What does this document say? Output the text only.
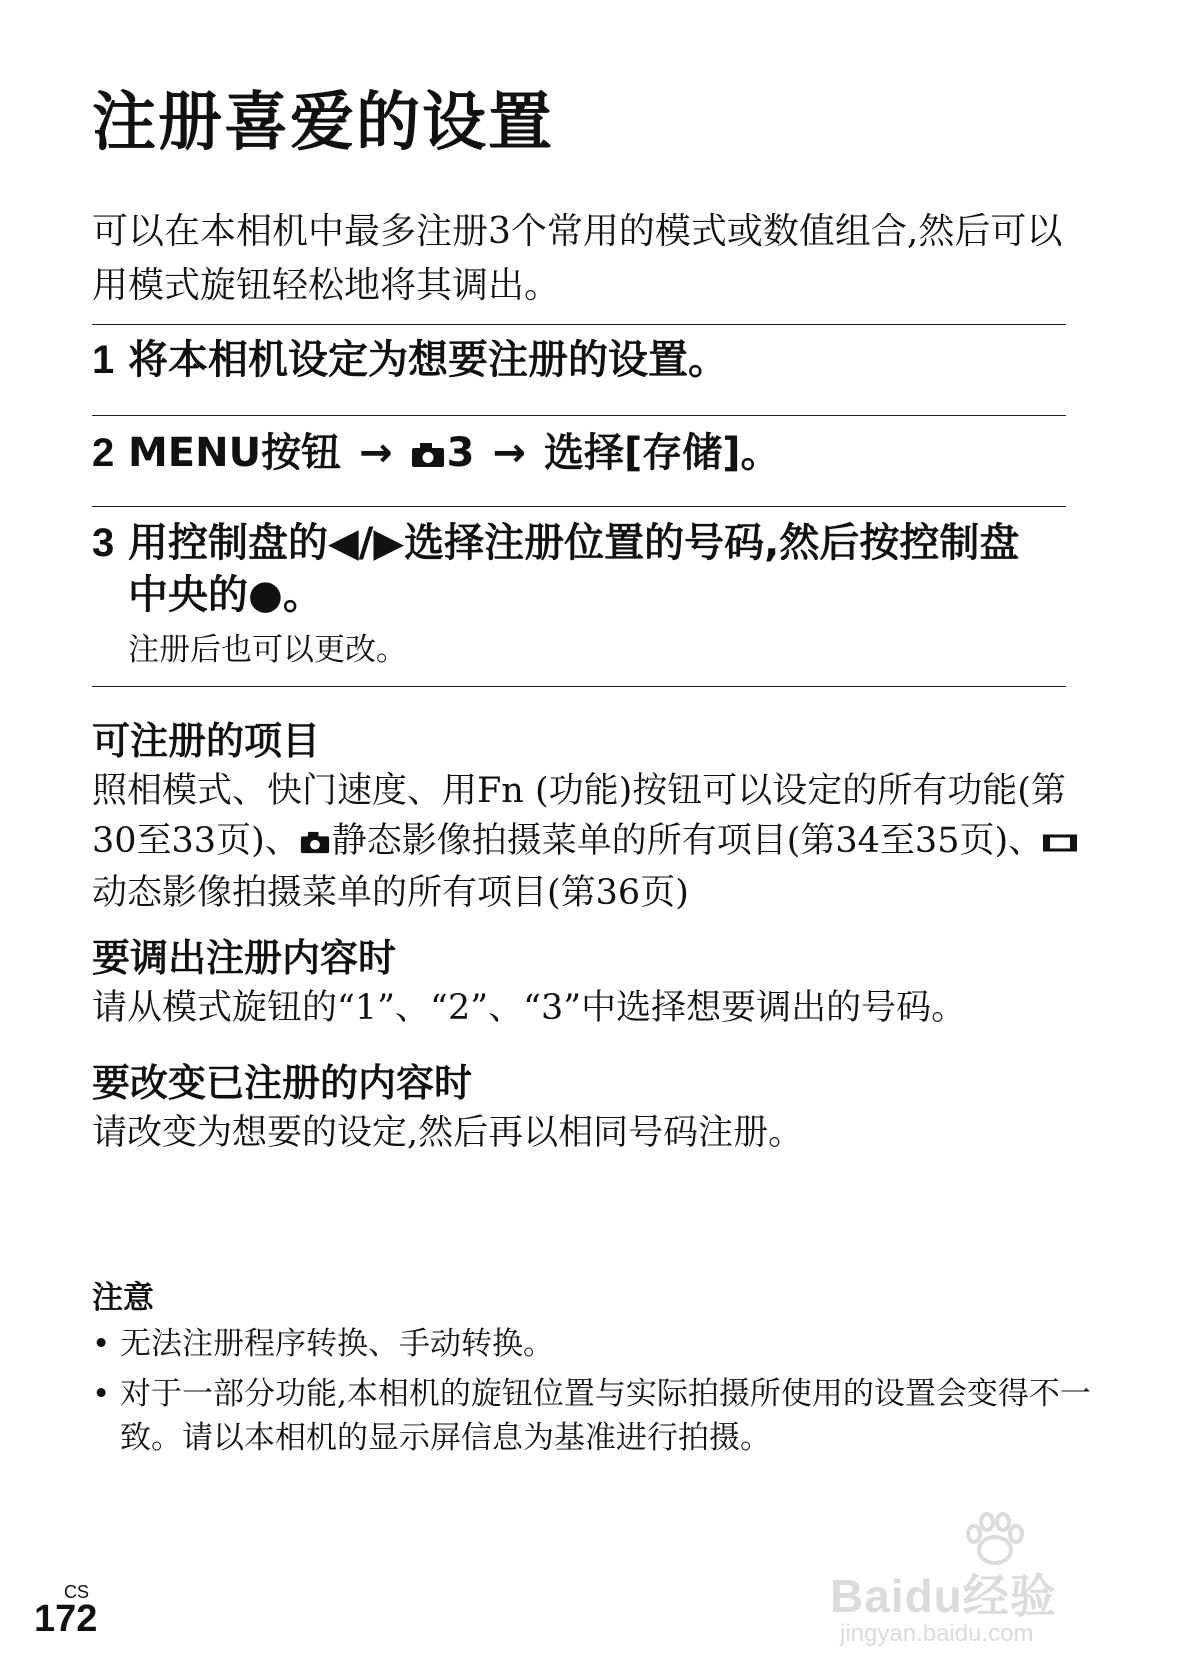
注册喜爱的设置

可以在本相机中最多注册3个常用的模式或数值组合,然后可以用模式旋钮轻松地将其调出。

1 将本相机设定为想要注册的设置。
2 MENU按钮 → 3 → 选择[存储]。
3 用控制盘的◀/▶选择注册位置的号码,然后按控制盘中央的●。
注册后也可以更改。
可注册的项目

照相模式、快门速度、用Fn (功能)按钮可以设定的所有功能(第30至33页)、 静态影像拍摄菜单的所有项目(第34至35页)、动态影像拍摄菜单的所有项目(第36页)

要调出注册内容时

请从模式旋钮的“1”、“2”、“3”中选择想要调出的号码。

要改变已注册的内容时

请改变为想要的设定,然后再以相同号码注册。

注意
• 无法注册程序转换、手动转换。
• 对于一部分功能,本相机的旋钮位置与实际拍摄所使用的设置会变得不一致。请以本相机的显示屏信息为基准进行拍摄。
CS
172	Baidu经验
jingyan.baidu.com
